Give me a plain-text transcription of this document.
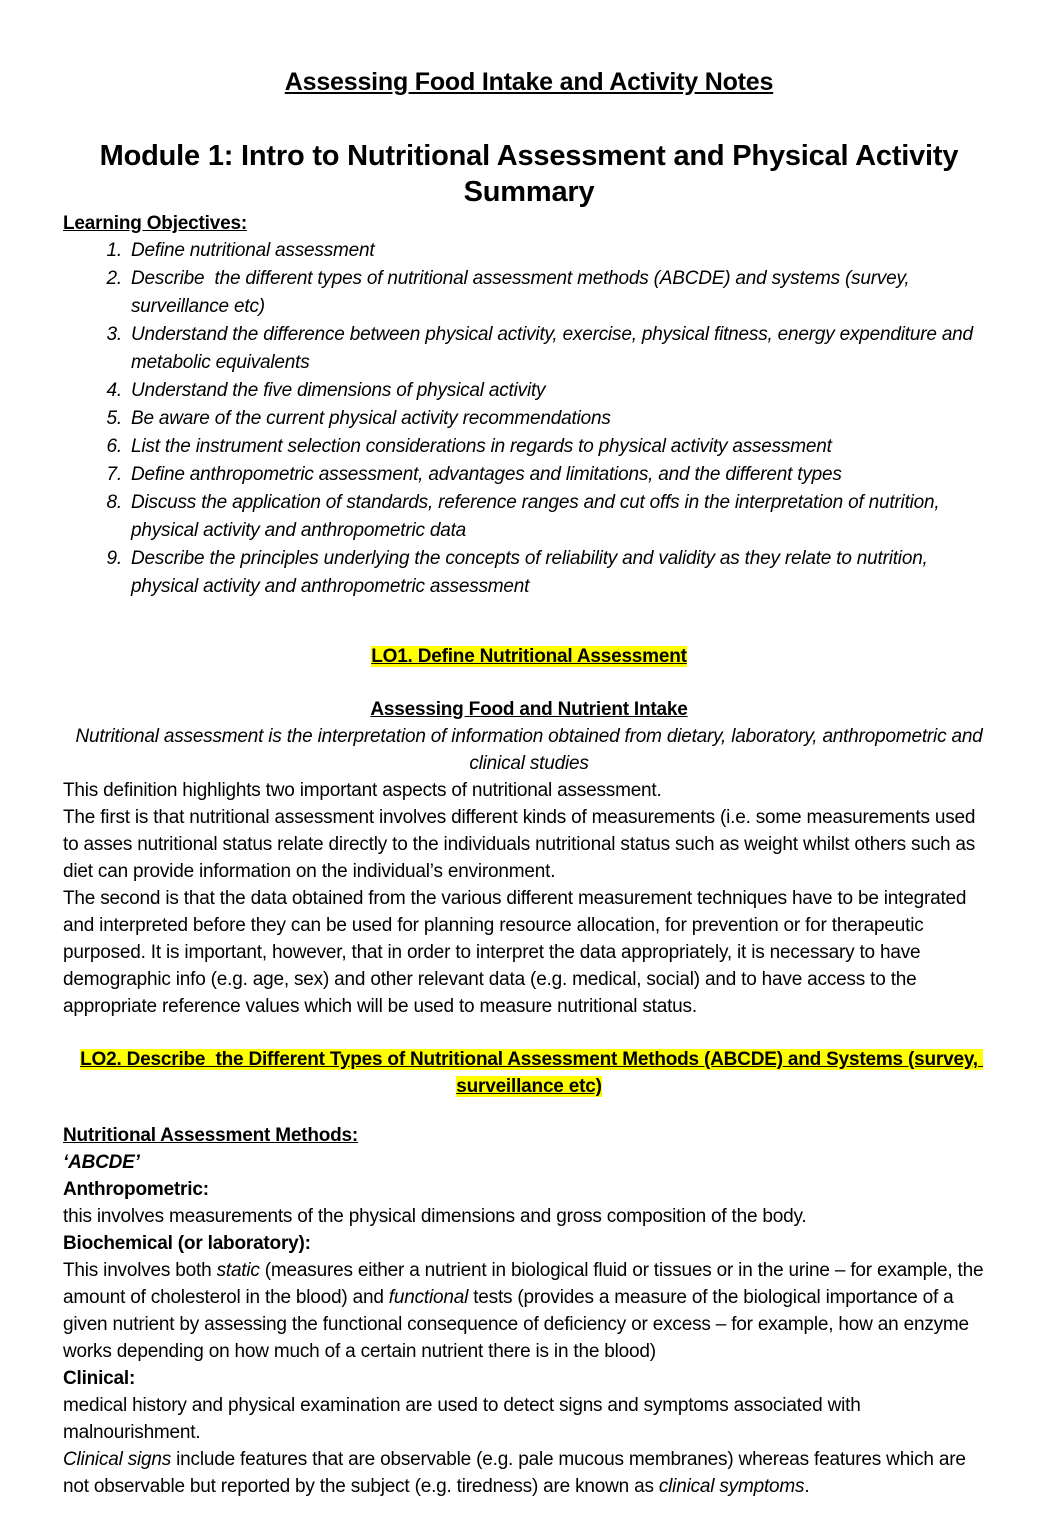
Assessing Food Intake and Activity Notes
Module 1: Intro to Nutritional Assessment and Physical Activity Summary
Learning Objectives:
1. Define nutritional assessment
2. Describe  the different types of nutritional assessment methods (ABCDE) and systems (survey, surveillance etc)
3. Understand the difference between physical activity, exercise, physical fitness, energy expenditure and metabolic equivalents
4. Understand the five dimensions of physical activity
5. Be aware of the current physical activity recommendations
6. List the instrument selection considerations in regards to physical activity assessment
7. Define anthropometric assessment, advantages and limitations, and the different types
8. Discuss the application of standards, reference ranges and cut offs in the interpretation of nutrition, physical activity and anthropometric data
9. Describe the principles underlying the concepts of reliability and validity as they relate to nutrition, physical activity and anthropometric assessment
LO1. Define Nutritional Assessment
Assessing Food and Nutrient Intake
Nutritional assessment is the interpretation of information obtained from dietary, laboratory, anthropometric and clinical studies

This definition highlights two important aspects of nutritional assessment.

The first is that nutritional assessment involves different kinds of measurements (i.e. some measurements used to asses nutritional status relate directly to the individuals nutritional status such as weight whilst others such as diet can provide information on the individual’s environment.

The second is that the data obtained from the various different measurement techniques have to be integrated and interpreted before they can be used for planning resource allocation, for prevention or for therapeutic purposed. It is important, however, that in order to interpret the data appropriately, it is necessary to have demographic info (e.g. age, sex) and other relevant data (e.g. medical, social) and to have access to the appropriate reference values which will be used to measure nutritional status.

LO2. Describe  the Different Types of Nutritional Assessment Methods (ABCDE) and Systems (survey, surveillance etc)
Nutritional Assessment Methods:
‘ABCDE’
Anthropometric:

this involves measurements of the physical dimensions and gross composition of the body.

Biochemical (or laboratory):

This involves both static (measures either a nutrient in biological fluid or tissues or in the urine – for example, the amount of cholesterol in the blood) and functional tests (provides a measure of the biological importance of a given nutrient by assessing the functional consequence of deficiency or excess – for example, how an enzyme works depending on how much of a certain nutrient there is in the blood)

Clinical:

medical history and physical examination are used to detect signs and symptoms associated with malnourishment.

Clinical signs include features that are observable (e.g. pale mucous membranes) whereas features which are not observable but reported by the subject (e.g. tiredness) are known as clinical symptoms.
